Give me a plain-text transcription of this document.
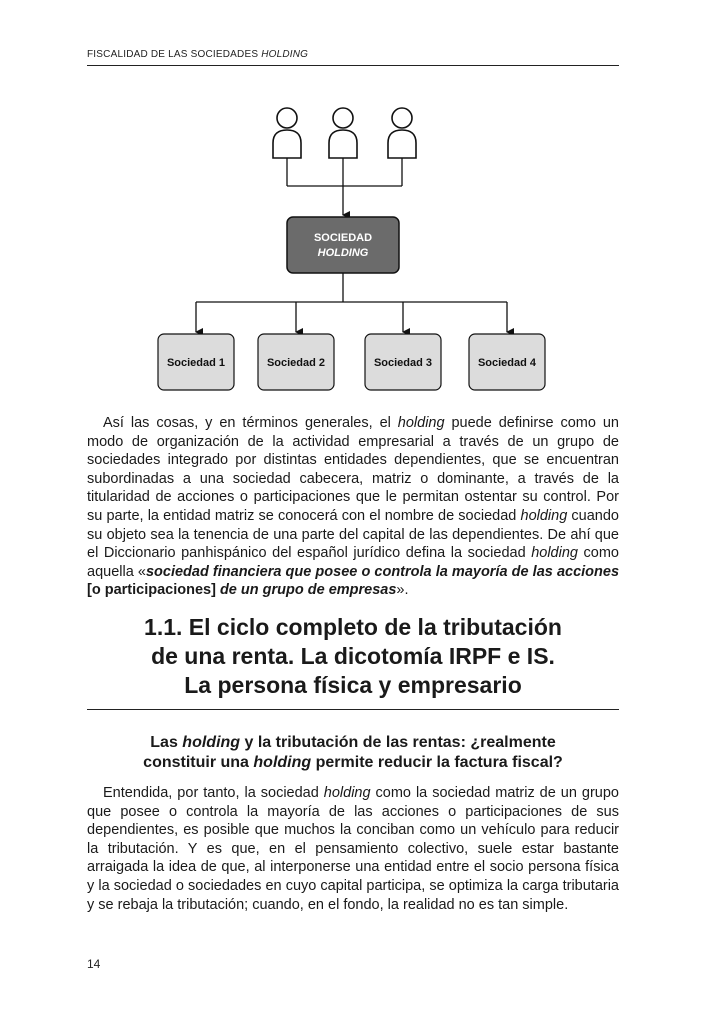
FISCALIDAD DE LAS SOCIEDADES HOLDING
SOCIEDAD
HOLDING
Sociedad 1	Sociedad 2	Sociedad 3	Sociedad 4

Así las cosas, y en términos generales, el holding puede definirse como un modo de organización de la actividad empresarial a través de un grupo de sociedades integrado por distintas entidades dependientes, que se encuentran subordinadas a una sociedad cabecera, matriz o dominante, a través de la titularidad de acciones o participaciones que le permitan ostentar su control. Por su parte, la entidad matriz se conocerá con el nombre de sociedad holding cuando su objeto sea la tenencia de una parte del capital de las dependientes. De ahí que el Diccionario panhispánico del español jurídico defina la sociedad holding como aquella «sociedad financiera que posee o controla la mayoría de las acciones [o participaciones] de un grupo de empresas».

1.1. El ciclo completo de la tributación
de una renta. La dicotomía IRPF e IS.
La persona física y empresario
Las holding y la tributación de las rentas: ¿realmente
constituir una holding permite reducir la factura fiscal?

Entendida, por tanto, la sociedad holding como la sociedad matriz de un grupo que posee o controla la mayoría de las acciones o participaciones de sus dependientes, es posible que muchos la conciban como un vehículo para reducir la tributación. Y es que, en el pensamiento colectivo, suele estar bastante arraigada la idea de que, al interponerse una entidad entre el socio persona física y la sociedad o sociedades en cuyo capital participa, se optimiza la carga tributaria y se rebaja la tributación; cuando, en el fondo, la realidad no es tan simple.

14
